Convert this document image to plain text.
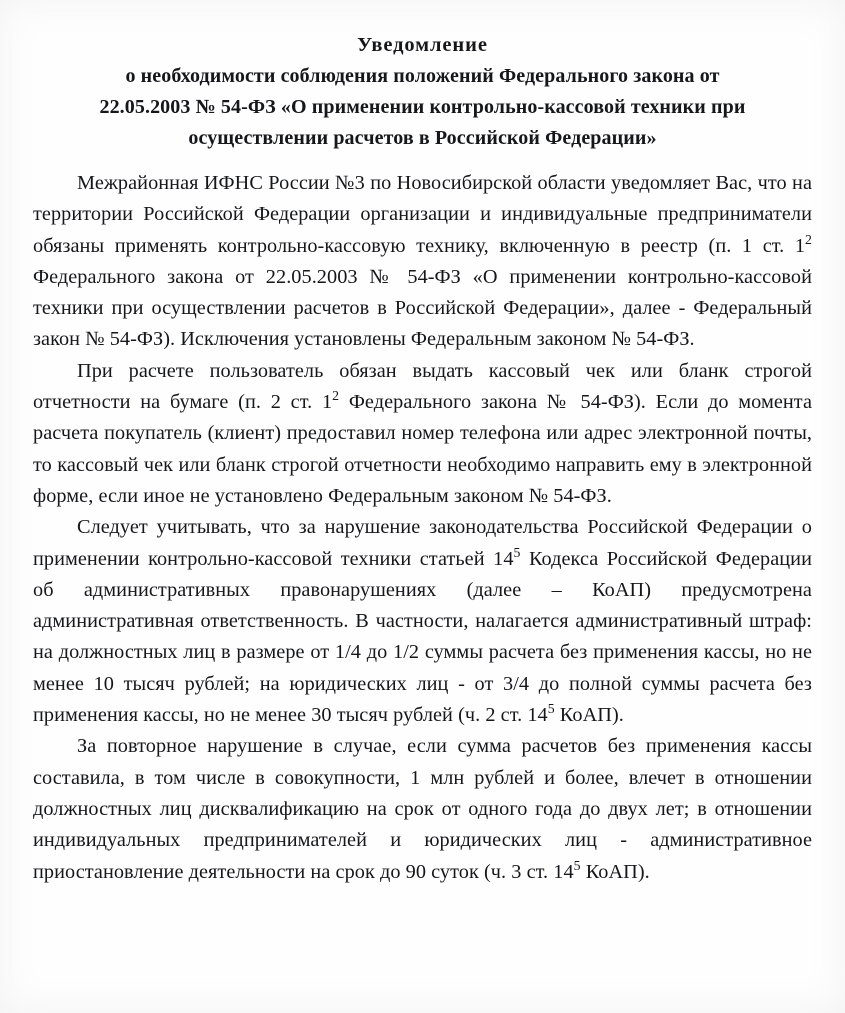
Уведомление
о необходимости соблюдения положений Федерального закона от
22.05.2003 № 54-ФЗ «О применении контрольно-кассовой техники при
осуществлении расчетов в Российской Федерации»

Межрайонная ИФНС России №3 по Новосибирской области уведомляет Вас, что на территории Российской Федерации организации и индивидуальные предприниматели обязаны применять контрольно-кассовую технику, включенную в реестр (п. 1 ст. $1^2$ Федерального закона от 22.05.2003 № 54-ФЗ «О применении контрольно-кассовой техники при осуществлении расчетов в Российской Федерации», далее - Федеральный закон № 54-ФЗ). Исключения установлены Федеральным законом № 54-ФЗ.

При расчете пользователь обязан выдать кассовый чек или бланк строгой отчетности на бумаге (п. 2 ст. $1^2$ Федерального закона № 54-ФЗ). Если до момента расчета покупатель (клиент) предоставил номер телефона или адрес электронной почты, то кассовый чек или бланк строгой отчетности необходимо направить ему в электронной форме, если иное не установлено Федеральным законом № 54-ФЗ.

Следует учитывать, что за нарушение законодательства Российской Федерации о применении контрольно-кассовой техники статьей $14^5$ Кодекса Российской Федерации об административных правонарушениях (далее – КоАП) предусмотрена административная ответственность. В частности, налагается административный штраф: на должностных лиц в размере от 1/4 до 1/2 суммы расчета без применения кассы, но не менее 10 тысяч рублей; на юридических лиц - от 3/4 до полной суммы расчета без применения кассы, но не менее 30 тысяч рублей (ч. 2 ст. $14^5$ КоАП).

За повторное нарушение в случае, если сумма расчетов без применения кассы составила, в том числе в совокупности, 1 млн рублей и более, влечет в отношении должностных лиц дисквалификацию на срок от одного года до двух лет; в отношении индивидуальных предпринимателей и юридических лиц - административное приостановление деятельности на срок до 90 суток (ч. 3 ст. $14^5$ КоАП).
